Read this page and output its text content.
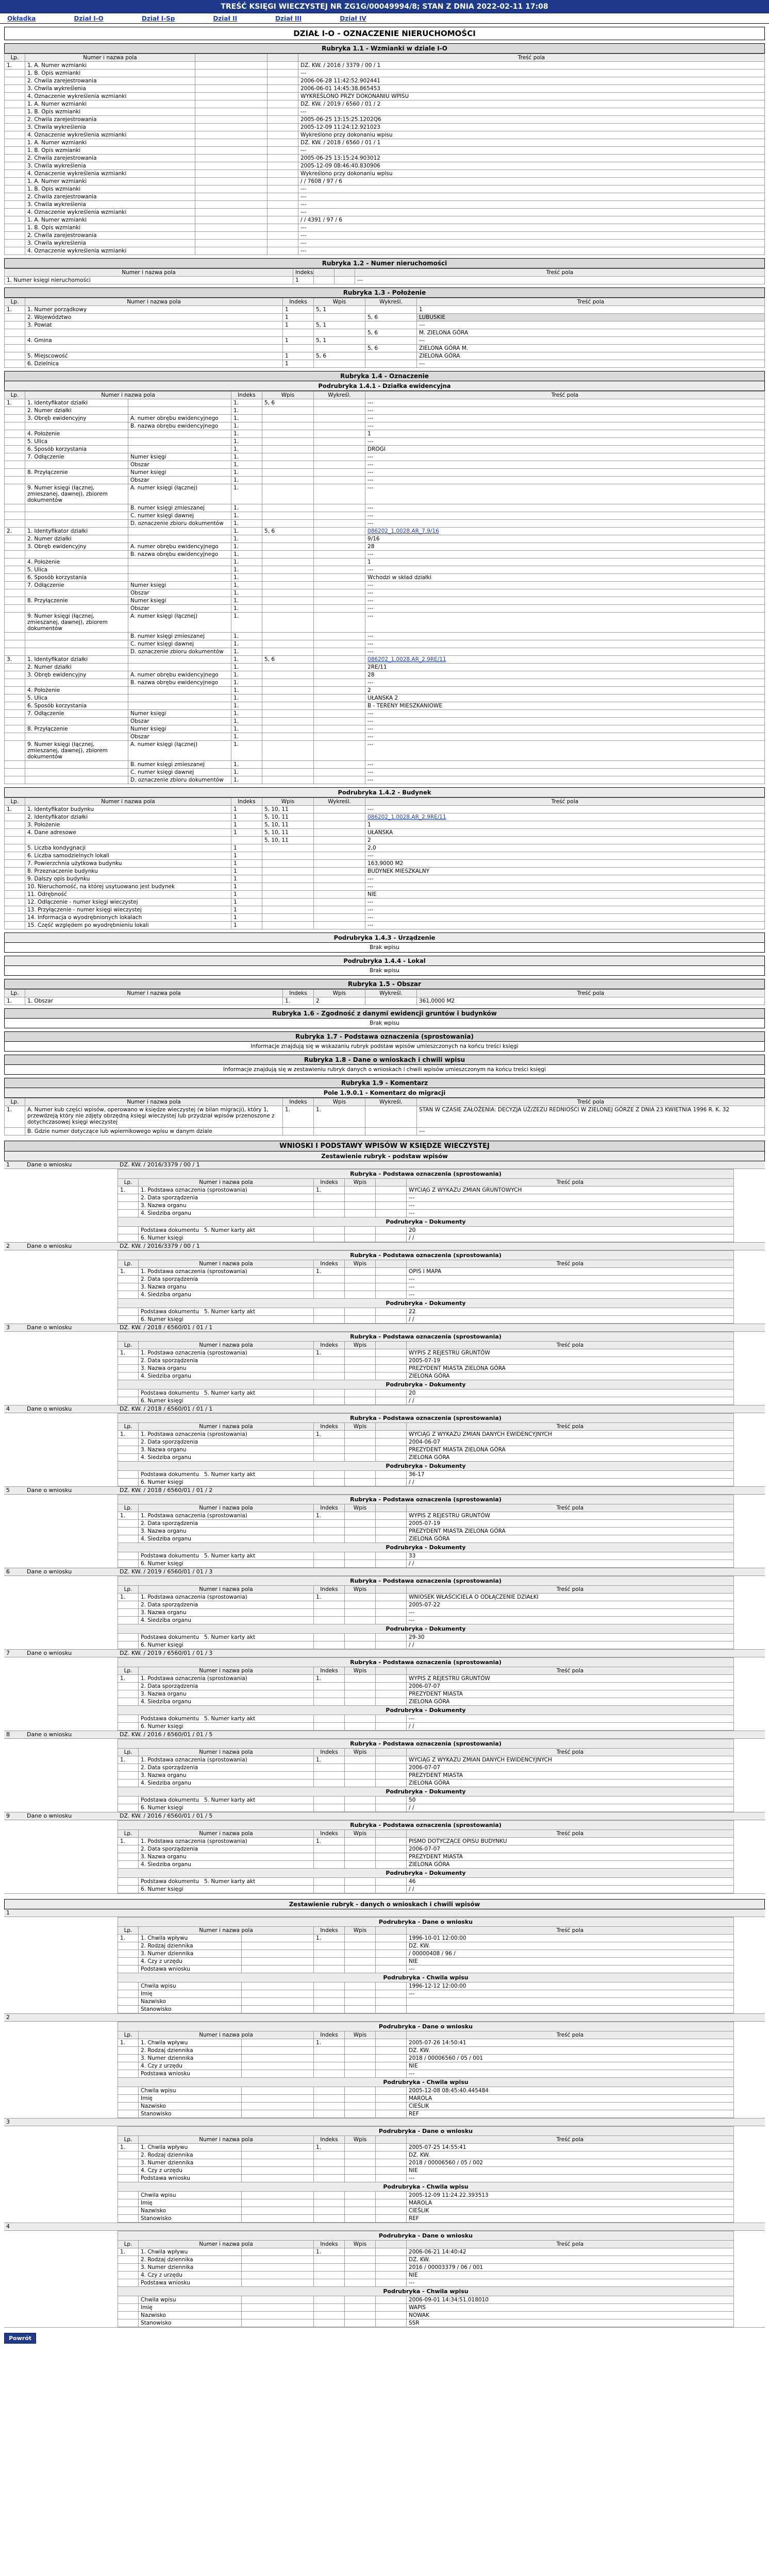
TREŚĆ KSIĘGI WIECZYSTEJ NR ZG1G/00049994/8; STAN Z DNIA 2022-02-11 17:08
Okładka	Dział I-O	Dział I-Sp	Dział II	Dział III	Dział IV
DZIAŁ I-O - OZNACZENIE NIERUCHOMOŚCI
Rubryka 1.1 - Wzmianki w dziale I-O
Lp.	Numer i nazwa pola			Treść pola
1.	1. A. Numer wzmianki			DZ. KW. / 2016 / 3379 / 00 / 1
	1. B. Opis wzmianki			---
	2. Chwila zarejestrowania			2006-06-28 11:42:52.902441
	3. Chwila wykreślenia			2006-06-01 14:45:38.865453
	4. Oznaczenie wykreślenia wzmianki			WYKREŚLONO PRZY DOKONANIU WPISU
	1. A. Numer wzmianki			DZ. KW. / 2019 / 6560 / 01 / 2
	1. B. Opis wzmianki			---
	2. Chwila zarejestrowania			2005-06-25 13:15:25.1202Q6
	3. Chwila wykreślenia			2005-12-09 11:24:12.921023
	4. Oznaczenie wykreślenia wzmianki			Wykreślono przy dokonaniu wpisu
	1. A. Numer wzmianki			DZ. KW. / 2018 / 6560 / 01 / 1
	1. B. Opis wzmianki			---
	2. Chwila zarejestrowania			2005-06-25 13:15:24.903012
	3. Chwila wykreślenia			2005-12-09 08:46:40.830906
	4. Oznaczenie wykreślenia wzmianki			Wykreślono przy dokonaniu wpisu
	1. A. Numer wzmianki			/ / 7608 / 97 / 6
	1. B. Opis wzmianki			---
	2. Chwila zarejestrowania			---
	3. Chwila wykreślenia			---
	4. Oznaczenie wykreślenia wzmianki			---
	1. A. Numer wzmianki			/ / 4391 / 97 / 6
	1. B. Opis wzmianki			---
	2. Chwila zarejestrowania			---
	3. Chwila wykreślenia			---
	4. Oznaczenie wykreślenia wzmianki			---
Rubryka 1.2 - Numer nieruchomości
Numer i nazwa pola	Indeks			Treść pola
1. Numer księgi nieruchomości	1			---
Rubryka 1.3 - Położenie
Lp.	Numer i nazwa pola	Indeks	Wpis	Wykreśl.	Treść pola
1.	1. Numer porządkowy	1	5, 1		1
	2. Województwo	1		5, 6	LUBUSKIE
	3. Powiat	1	5, 1		---
				5, 6	M. ZIELONA GÓRA
	4. Gmina	1	5, 1		---
				5, 6	ZIELONA GÓRA M.
	5. Miejscowość	1	5, 6		ZIELONA GÓRA
	6. Dzielnica	1			---
Rubryka 1.4 - Oznaczenie
Podrubryka 1.4.1 - Działka ewidencyjna
Lp.	Numer i nazwa pola		Indeks	Wpis	Wykreśl.	Treść pola
1.	1. Identyfikator działki		1.	5, 6		---
	2. Numer działki		1.			---
	3. Obręb ewidencyjny	A. numer obrębu ewidencyjnego	1.			---
		B. nazwa obrębu ewidencyjnego	1.			---
	4. Położenie		1.			1
	5. Ulica		1.			---
	6. Sposób korzystania		1.			DROGI
	7. Odłączenie	Numer księgi	1.			---
		Obszar	1.			---
	8. Przyłączenie	Numer księgi	1.			---
		Obszar	1.			---
	9. Numer księgi (łącznej, zmieszanej, dawnej), zbiorem dokumentów	A. numer księgi (łącznej)	1.			---
		B. numer księgi zmieszanej	1.			---
		C. numer księgi dawnej	1.			---
		D. oznaczenie zbioru dokumentów	1.			---
2.	1. Identyfikator działki		1.	5, 6		086202_1.0028.AR_7.9/16
	2. Numer działki		1.			9/16
	3. Obręb ewidencyjny	A. numer obrębu ewidencyjnego	1.			28
		B. nazwa obrębu ewidencyjnego	1.			---
	4. Położenie		1.			1
	5. Ulica		1.			---
	6. Sposób korzystania		1.			Wchodzi w skład działki
	7. Odłączenie	Numer księgi	1.			---
		Obszar	1.			---
	8. Przyłączenie	Numer księgi	1.			---
		Obszar	1.			---
	9. Numer księgi (łącznej, zmieszanej, dawnej), zbiorem dokumentów	A. numer księgi (łącznej)	1.			---
		B. numer księgi zmieszanej	1.			---
		C. numer księgi dawnej	1.			---
		D. oznaczenie zbioru dokumentów	1.			---
3.	1. Identyfikator działki		1.	5, 6		086202_1.0028.AR_2.9RE/11
	2. Numer działki		1.			2RE/11
	3. Obręb ewidencyjny	A. numer obrębu ewidencyjnego	1.			28
		B. nazwa obrębu ewidencyjnego	1.			---
	4. Położenie		1.			2
	5. Ulica		1.			UŁANSKA 2
	6. Sposób korzystania		1.			B - TERENY MIESZKANIOWE
	7. Odłączenie	Numer księgi	1.			---
		Obszar	1.			---
	8. Przyłączenie	Numer księgi	1.			---
		Obszar	1.			---
	9. Numer księgi (łącznej, zmieszanej, dawnej), zbiorem dokumentów	A. numer księgi (łącznej)	1.			---
		B. numer księgi zmieszanej	1.			---
		C. numer księgi dawnej	1.			---
		D. oznaczenie zbioru dokumentów	1.			---
Podrubryka 1.4.2 - Budynek
Lp.	Numer i nazwa pola	Indeks	Wpis	Wykreśl.	Treść pola
1.	1. Identyfikator budynku	1	5, 10, 11		---
	2. Identyfikator działki	1	5, 10, 11		086202_1.0028.AR_2.9RE/11
	3. Położenie	1	5, 10, 11		1
	4. Dane adresowe	1	5, 10, 11		UŁANSKA
			5, 10, 11		2
	5. Liczba kondygnacji	1			2,0
	6. Liczba samodzielnych lokali	1			---
	7. Powierzchnia użytkowa budynku	1			163,9000 M2
	8. Przeznaczenie budynku	1			BUDYNEK MIESZKALNY
	9. Dalszy opis budynku	1			---
	10. Nieruchomość, na której usytuowano jest budynek	1			---
	11. Odrębność	1			NIE
	12. Odłączenie - numer księgi wieczystej	1			---
	13. Przyłączenie - numer księgi wieczystej	1			---
	14. Informacja o wyodrębnionych lokalach	1			---
	15. Część względem po wyodrębnieniu lokali	1			---
Podrubryka 1.4.3 - Urządzenie
Brak wpisu
Podrubryka 1.4.4 - Lokal
Brak wpisu
Rubryka 1.5 - Obszar
Lp.	Numer i nazwa pola	Indeks	Wpis	Wykreśl.	Treść pola
1.	1. Obszar	1.	2		361,0000 M2
Rubryka 1.6 - Zgodność z danymi ewidencji gruntów i budynków
Brak wpisu
Rubryka 1.7 - Podstawa oznaczenia (sprostowania)
Informacje znajdują się w wskazaniu rubryk podstaw wpisów umieszczonych na końcu treści księgi
Rubryka 1.8 - Dane o wnioskach i chwili wpisu
Informacje znajdują się w zestawieniu rubryk danych o wnioskach i chwili wpisów umieszczonym na końcu treści księgi
Rubryka 1.9 - Komentarz
Pole 1.9.0.1 - Komentarz do migracji
Lp.	Numer i nazwa pola	Indeks	Wpis	Wykreśl.	Treść pola
1.	A. Numer kub części wpisów, operowano w księdze wieczystej (w bilan migracji), który 1, przewdzeją który nie zdjęty obrzędną księgi wieczystej lub przydział wpisów przenoszone z dotychczasowej księgi wieczystej	1.	1.		STAN W CZASIE ZAŁOŻENIA: DECYZJA UŻ/ZEZU REDNIOŚCI W ZIELONEJ GÓRZE Z DNIA 23 KWIETNIA 1996 R. K. 32
	B. Gdzie numer dotyczące lub wpiernikowego wpisu w danym dziale				---
WNIOSKI I PODSTAWY WPISÓW W KSIĘDZE WIECZYSTEJ
Zestawienie rubryk - podstaw wpisów
1	Dane o wniosku	DZ. KW. / 2016/3379 / 00 / 1
Rubryka - Podstawa oznaczenia (sprostowania)
Lp.	Numer i nazwa pola	Indeks	Wpis		Treść pola
1.	1. Podstawa oznaczenia (sprostowania)	1.			WYCIĄG Z WYKAZU ZMIAN GRUNTOWYCH
	2. Data sporządzenia				---
	3. Nazwa organu				---
	4. Siedziba organu				---
Podrubryka - Dokumenty
	Podstawa dokumentu   5. Numer karty akt				20
	6. Numer księgi				/ /
2	Dane o wniosku	DZ. KW. / 2016/3379 / 00 / 1
Rubryka - Podstawa oznaczenia (sprostowania)
Lp.	Numer i nazwa pola	Indeks	Wpis		Treść pola
1.	1. Podstawa oznaczenia (sprostowania)	1.			OPIS I MAPA
	2. Data sporządzenia				---
	3. Nazwa organu				---
	4. Siedziba organu				---
Podrubryka - Dokumenty
	Podstawa dokumentu   5. Numer karty akt				22
	6. Numer księgi				/ /
3	Dane o wniosku	DZ. KW. / 2018 / 6560/01 / 01 / 1
Rubryka - Podstawa oznaczenia (sprostowania)
Lp.	Numer i nazwa pola	Indeks	Wpis		Treść pola
1.	1. Podstawa oznaczenia (sprostowania)	1.			WYPIS Z REJESTRU GRUNTÓW
	2. Data sporządzenia				2005-07-19
	3. Nazwa organu				PREZYDENT MIASTA ZIELONA GÓRA
	4. Siedziba organu				ZIELONA GÓRA
Podrubryka - Dokumenty
	Podstawa dokumentu   5. Numer karty akt				20
	6. Numer księgi				/ /
4	Dane o wniosku	DZ. KW. / 2018 / 6560/01 / 01 / 1
Rubryka - Podstawa oznaczenia (sprostowania)
Lp.	Numer i nazwa pola	Indeks	Wpis		Treść pola
1.	1. Podstawa oznaczenia (sprostowania)	1.			WYCIĄG Z WYKAZU ZMIAN DANYCH EWIDENCYJNYCH
	2. Data sporządzenia				2004-06-07
	3. Nazwa organu				PREZYDENT MIASTA ZIELONA GÓRA
	4. Siedziba organu				ZIELONA GÓRA
Podrubryka - Dokumenty
	Podstawa dokumentu   5. Numer karty akt				36-17
	6. Numer księgi				/ /
5	Dane o wniosku	DZ. KW. / 2018 / 6560/01 / 01 / 2
Rubryka - Podstawa oznaczenia (sprostowania)
Lp.	Numer i nazwa pola	Indeks	Wpis		Treść pola
1.	1. Podstawa oznaczenia (sprostowania)	1.			WYPIS Z REJESTRU GRUNTÓW
	2. Data sporządzenia				2005-07-19
	3. Nazwa organu				PREZYDENT MIASTA ZIELONA GÓRA
	4. Siedziba organu				ZIELONA GÓRA
Podrubryka - Dokumenty
	Podstawa dokumentu   5. Numer karty akt				33
	6. Numer księgi				/ /
6	Dane o wniosku	DZ. KW. / 2019 / 6560/01 / 01 / 3
Rubryka - Podstawa oznaczenia (sprostowania)
Lp.	Numer i nazwa pola	Indeks	Wpis		Treść pola
1.	1. Podstawa oznaczenia (sprostowania)	1.			WNIOSEK WŁAŚCICIELA O ODŁĄCZENIE DZIAŁKI
	2. Data sporządzenia				2005-07-22
	3. Nazwa organu				---
	4. Siedziba organu				---
Podrubryka - Dokumenty
	Podstawa dokumentu   5. Numer karty akt				29-30
	6. Numer księgi				/ /
7	Dane o wniosku	DZ. KW. / 2019 / 6560/01 / 01 / 3
Rubryka - Podstawa oznaczenia (sprostowania)
Lp.	Numer i nazwa pola	Indeks	Wpis		Treść pola
1.	1. Podstawa oznaczenia (sprostowania)	1.			WYPIS Z REJESTRU GRUNTÓW
	2. Data sporządzenia				2006-07-07
	3. Nazwa organu				PREZYDENT MIASTA
	4. Siedziba organu				ZIELONA GÓRA
Podrubryka - Dokumenty
	Podstawa dokumentu   5. Numer karty akt				---
	6. Numer księgi				/ /
8	Dane o wniosku	DZ. KW. / 2016 / 6560/01 / 01 / 5
Rubryka - Podstawa oznaczenia (sprostowania)
Lp.	Numer i nazwa pola	Indeks	Wpis		Treść pola
1.	1. Podstawa oznaczenia (sprostowania)	1.			WYCIĄG Z WYKAZU ZMIAN DANYCH EWIDENCYJNYCH
	2. Data sporządzenia				2006-07-07
	3. Nazwa organu				PREZYDENT MIASTA
	4. Siedziba organu				ZIELONA GÓRA
Podrubryka - Dokumenty
	Podstawa dokumentu   5. Numer karty akt				50
	6. Numer księgi				/ /
9	Dane o wniosku	DZ. KW. / 2016 / 6560/01 / 01 / 5
Rubryka - Podstawa oznaczenia (sprostowania)
Lp.	Numer i nazwa pola	Indeks	Wpis		Treść pola
1.	1. Podstawa oznaczenia (sprostowania)	1.			PISMO DOTYCZĄCE OPISU BUDYNKU
	2. Data sporządzenia				2006-07-07
	3. Nazwa organu				PREZYDENT MIASTA
	4. Siedziba organu				ZIELONA GÓRA
Podrubryka - Dokumenty
	Podstawa dokumentu   5. Numer karty akt				46
	6. Numer księgi				/ /
Zestawienie rubryk - danych o wnioskach i chwili wpisów
1
Podrubryka - Dane o wniosku
Lp.	Numer i nazwa pola		Indeks	Wpis		Treść pola
1.	1. Chwila wpływu		1.			1996-10-01 12:00:00
	2. Rodzaj dziennika					DZ. KW.
	3. Numer dziennika					/ 00000408 / 96 /
	4. Czy z urzędu					NIE
	Podstawa wniosku					---
Podrubryka - Chwila wpisu
	Chwila wpisu					1996-12-12 12:00:00
	Imię					---
	Nazwisko					
	Stanowisko					
2
Podrubryka - Dane o wniosku
Lp.	Numer i nazwa pola		Indeks	Wpis		Treść pola
1.	1. Chwila wpływu		1.			2005-07-26 14:50:41
	2. Rodzaj dziennika					DZ. KW.
	3. Numer dziennika					2018 / 00006560 / 05 / 001
	4. Czy z urzędu					NIE
	Podstawa wniosku					---
Podrubryka - Chwila wpisu
	Chwila wpisu					2005-12-08 08:45:40.445484
	Imię					MAROLA
	Nazwisko					CIEŚLIK
	Stanowisko					REF
3
Podrubryka - Dane o wniosku
Lp.	Numer i nazwa pola		Indeks	Wpis		Treść pola
1.	1. Chwila wpływu		1.			2005-07-25 14:55:41
	2. Rodzaj dziennika					DZ. KW.
	3. Numer dziennika					2018 / 00006560 / 05 / 002
	4. Czy z urzędu					NIE
	Podstawa wniosku					---
Podrubryka - Chwila wpisu
	Chwila wpisu					2005-12-09 11:24.22.393513
	Imię					MAROLA
	Nazwisko					CIEŚLIK
	Stanowisko					REF
4
Podrubryka - Dane o wniosku
Lp.	Numer i nazwa pola		Indeks	Wpis		Treść pola
1.	1. Chwila wpływu		1.			2006-06-21 14:40:42
	2. Rodzaj dziennika					DZ. KW.
	3. Numer dziennika					2016 / 00003379 / 06 / 001
	4. Czy z urzędu					NIE
	Podstawa wniosku					---
Podrubryka - Chwila wpisu
	Chwila wpisu					2006-09-01 14:34:51.018010
	Imię					WAPIS
	Nazwisko					NOWAK
	Stanowisko					SSR
Powrót
